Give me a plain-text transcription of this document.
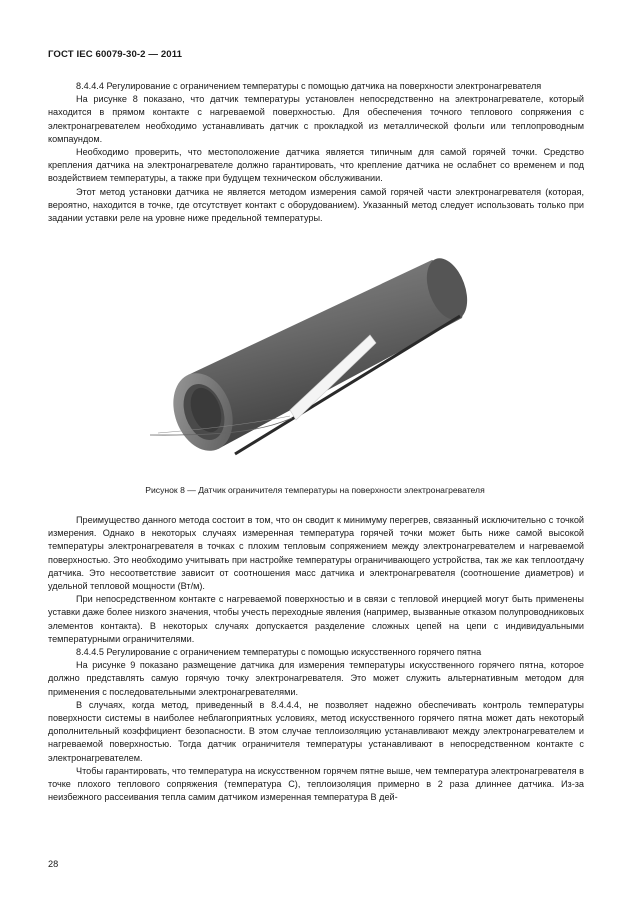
ГОСТ IEC 60079-30-2 — 2011

8.4.4.4 Регулирование с ограничением температуры с помощью датчика на поверхности электронагревателя

На рисунке 8 показано, что датчик температуры установлен непосредственно на электронагревателе, который находится в прямом контакте с нагреваемой поверхностью. Для обеспечения точного теплового сопряжения с электронагревателем необходимо устанавливать датчик с прокладкой из металлической фольги или теплопроводным компаундом.

Необходимо проверить, что местоположение датчика является типичным для самой горячей точки. Средство крепления датчика на электронагревателе должно гарантировать, что крепление датчика не ослабнет со временем и под воздействием температуры, а также при будущем техническом обслуживании.

Этот метод установки датчика не является методом измерения самой горячей части электронагревателя (которая, вероятно, находится в точке, где отсутствует контакт с оборудованием). Указанный метод следует использовать только при задании уставки реле на уровне ниже предельной температуры.

Рисунок 8 — Датчик ограничителя температуры на поверхности электронагревателя

Преимущество данного метода состоит в том, что он сводит к минимуму перегрев, связанный исключительно с точкой измерения. Однако в некоторых случаях измеренная температура горячей точки может быть ниже самой высокой температуры электронагревателя в точках с плохим тепловым сопряжением между электронагревателем и нагреваемой поверхностью. Это необходимо учитывать при настройке температуры ограничивающего устройства, так же как теплоотдачу датчика. Это несоответствие зависит от соотношения масс датчика и электронагревателя (соотношение диаметров) и удельной тепловой мощности (Вт/м).

При непосредственном контакте с нагреваемой поверхностью и в связи с тепловой инерцией могут быть применены уставки даже более низкого значения, чтобы учесть переходные явления (например, вызванные отказом полупроводниковых элементов контакта). В некоторых случаях допускается разделение сложных цепей на цепи с индивидуальными температурными ограничителями.

8.4.4.5 Регулирование с ограничением температуры с помощью искусственного горячего пятна

На рисунке 9 показано размещение датчика для измерения температуры искусственного горячего пятна, которое должно представлять самую горячую точку электронагревателя. Это может служить альтернативным методом для применения с последовательными электронагревателями.

В случаях, когда метод, приведенный в 8.4.4.4, не позволяет надежно обеспечивать контроль температуры поверхности системы в наиболее неблагоприятных условиях, метод искусственного горячего пятна может дать некоторый дополнительный коэффициент безопасности. В этом случае теплоизоляцию устанавливают между электронагревателем и нагреваемой поверхностью. Тогда датчик ограничителя температуры устанавливают в непосредственном контакте с электронагревателем.

Чтобы гарантировать, что температура на искусственном горячем пятне выше, чем температура электронагревателя в точке плохого теплового сопряжения (температура С), теплоизоляция примерно в 2 раза длиннее датчика. Из-за неизбежного рассеивания тепла самим датчиком измеренная температура В дей-

28
